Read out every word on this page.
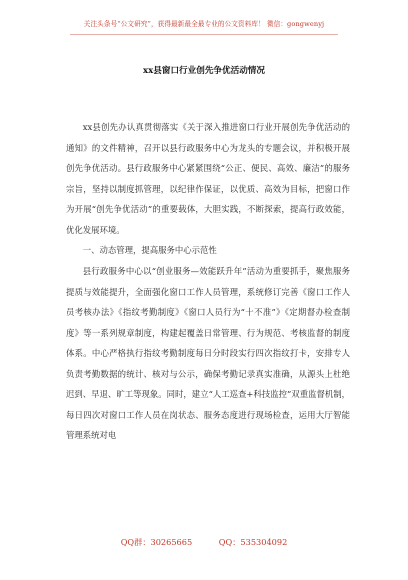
关注头条号“公文研究”，获得最新最全最专业的公文资料库！ 微信：gongwenyj
xx县窗口行业创先争优活动情况

xx县创先办认真贯彻落实《关于深入推进窗口行业开展创先争优活动的通知》的文件精神，召开以县行政服务中心为龙头的专题会议，并积极开展创先争优活动。县行政服务中心紧紧围绕“公正、便民、高效、廉洁”的服务宗旨，坚持以制度抓管理，以纪律作保证，以优质、高效为目标，把窗口作为开展“创先争优活动”的重要载体，大胆实践，不断探索，提高行政效能，优化发展环境。

一、动态管理，提高服务中心示范性

县行政服务中心以“创业服务—效能跃升年”活动为重要抓手，聚焦服务提质与效能提升，全面强化窗口工作人员管理，系统修订完善《窗口工作人员考核办法》《指纹考勤制度》《窗口人员行为“十不准”》《定期督办检查制度》等一系列规章制度，构建起覆盖日常管理、行为规范、考核监督的制度体系。中心严格执行指纹考勤制度每日分时段实行四次指纹打卡，安排专人负责考勤数据的统计、核对与公示，确保考勤记录真实准确，从源头上杜绝迟到、早退、旷工等现象。同时，建立“人工巡查+科技监控”双重监督机制，每日四次对窗口工作人员在岗状态、服务态度进行现场检查，运用大厅智能管理系统对电

QQ群：30265665	QQ：535304092
